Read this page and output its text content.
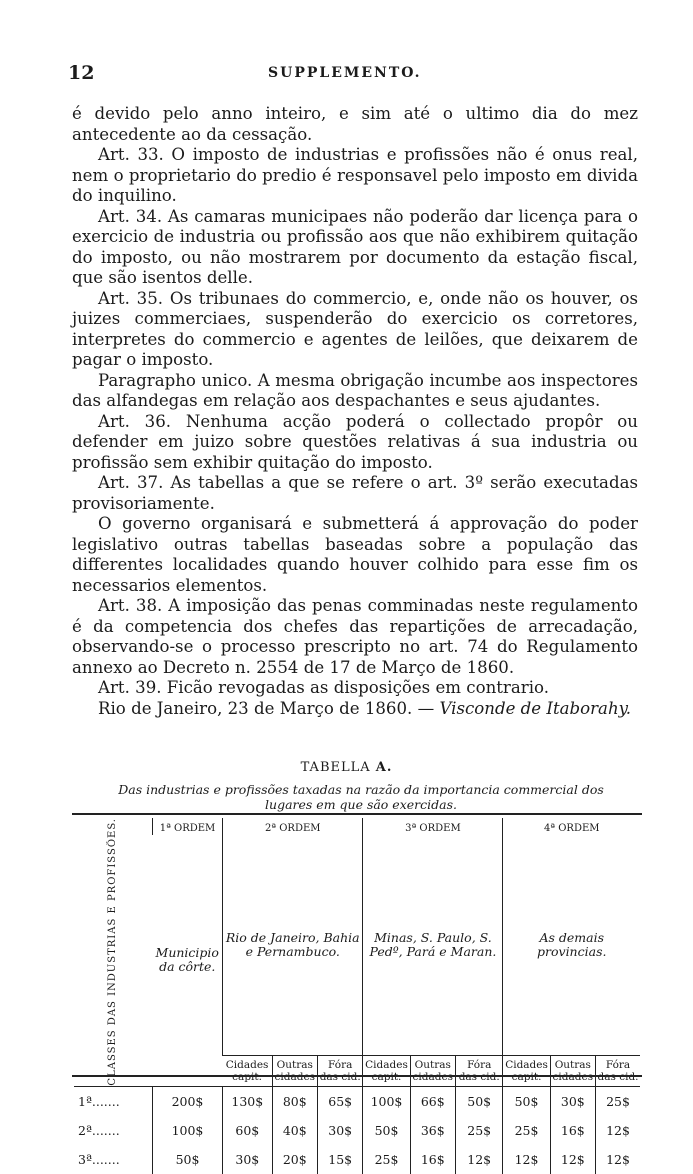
12	SUPPLEMENTO.

é devido pelo anno inteiro, e sim até o ultimo dia do mez antecedente ao da cessação.

Art. 33. O imposto de industrias e profissões não é onus real, nem o proprietario do predio é responsavel pelo imposto em divida do inquilino.

Art. 34. As camaras municipaes não poderão dar licença para o exercicio de industria ou profissão aos que não exhibirem quitação do imposto, ou não mostrarem por documento da estação fiscal, que são isentos delle.

Art. 35. Os tribunaes do commercio, e, onde não os houver, os juizes commerciaes, suspenderão do exercicio os corretores, interpretes do commercio e agentes de leilões, que deixarem de pagar o imposto.

Paragrapho unico. A mesma obrigação incumbe aos inspectores das alfandegas em relação aos despachantes e seus ajudantes.

Art. 36. Nenhuma acção poderá o collectado propôr ou defender em juizo sobre questões relativas á sua industria ou profissão sem exhibir quitação do imposto.

Art. 37. As tabellas a que se refere o art. 3º serão executadas provisoriamente.

O governo organisará e submetterá á approvação do poder legislativo outras tabellas baseadas sobre a população das differentes localidades quando houver colhido para esse fim os necessarios elementos.

Art. 38. A imposição das penas comminadas neste regulamento é da competencia dos chefes das repartições de arrecadação, observando-se o processo prescripto no art. 74 do Regulamento annexo ao Decreto n. 2554 de 17 de Março de 1860.

Art. 39. Ficão revogadas as disposições em contrario.

Rio de Janeiro, 23 de Março de 1860. — Visconde de Itaborahy.

TABELLA A.
Das industrias e profissões taxadas na razão da importancia commercial dos lugares em que são exercidas.
CLASSES DAS INDUSTRIAS E PROFISSÕES.	1ª ORDEM	2ª ORDEM			3ª ORDEM			4ª ORDEM		
	Municipio da côrte.	Rio de Janeiro, Bahia e Pernambuco.			Minas, S. Paulo, S. Pedº, Pará e Maran.			As demais provincias.		
		Cidades capit.	Outras cidades	Fóra das cid.	Cidades capit.	Outras cidades	Fóra das cid.	Cidades capit.	Outras cidades	Fóra das cid.
1ª.......	200$	130$	80$	65$	100$	66$	50$	50$	30$	25$
2ª.......	100$	60$	40$	30$	50$	36$	25$	25$	16$	12$
3ª.......	50$	30$	20$	15$	25$	16$	12$	12$	12$	12$
